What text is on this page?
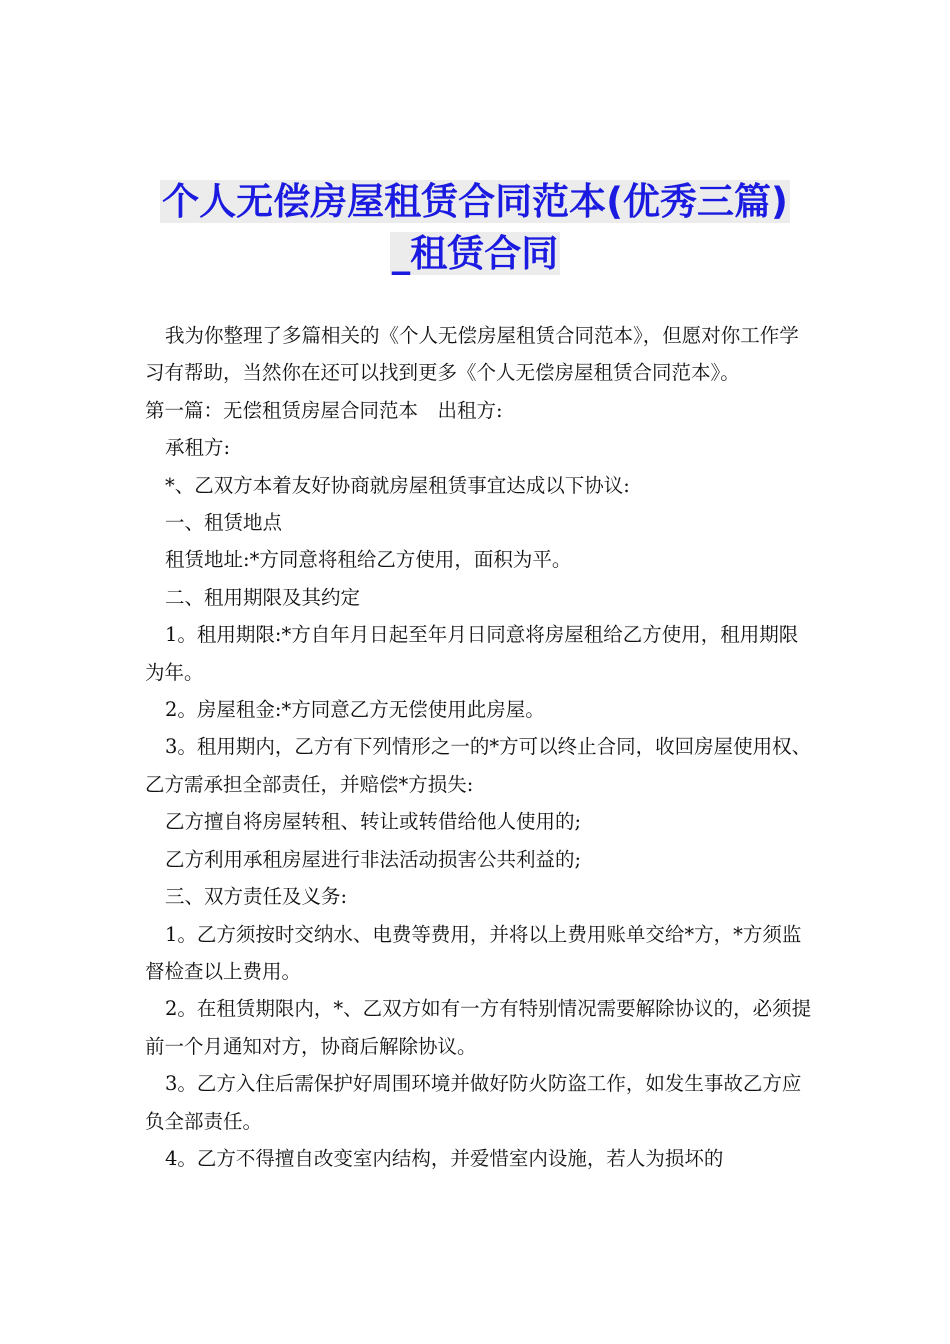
个人无偿房屋租赁合同范本(优秀三篇)
_租赁合同

我为你整理了多篇相关的《个人无偿房屋租赁合同范本》，但愿对你工作学习有帮助，当然你在还可以找到更多《个人无偿房屋租赁合同范本》。

第一篇：无偿租赁房屋合同范本　出租方:

承租方:

*、乙双方本着友好协商就房屋租赁事宜达成以下协议:

一、租赁地点

租赁地址:*方同意将租给乙方使用，面积为平。

二、租用期限及其约定

1。租用期限:*方自年月日起至年月日同意将房屋租给乙方使用，租用期限为年。

2。房屋租金:*方同意乙方无偿使用此房屋。

3。租用期内，乙方有下列情形之一的*方可以终止合同，收回房屋使用权、乙方需承担全部责任，并赔偿*方损失:

乙方擅自将房屋转租、转让或转借给他人使用的;

乙方利用承租房屋进行非法活动损害公共利益的;

三、双方责任及义务:

1。乙方须按时交纳水、电费等费用，并将以上费用账单交给*方，*方须监督检查以上费用。

2。在租赁期限内，*、乙双方如有一方有特别情况需要解除协议的，必须提前一个月通知对方，协商后解除协议。

3。乙方入住后需保护好周围环境并做好防火防盗工作，如发生事故乙方应负全部责任。

4。乙方不得擅自改变室内结构，并爱惜室内设施，若人为损坏的
